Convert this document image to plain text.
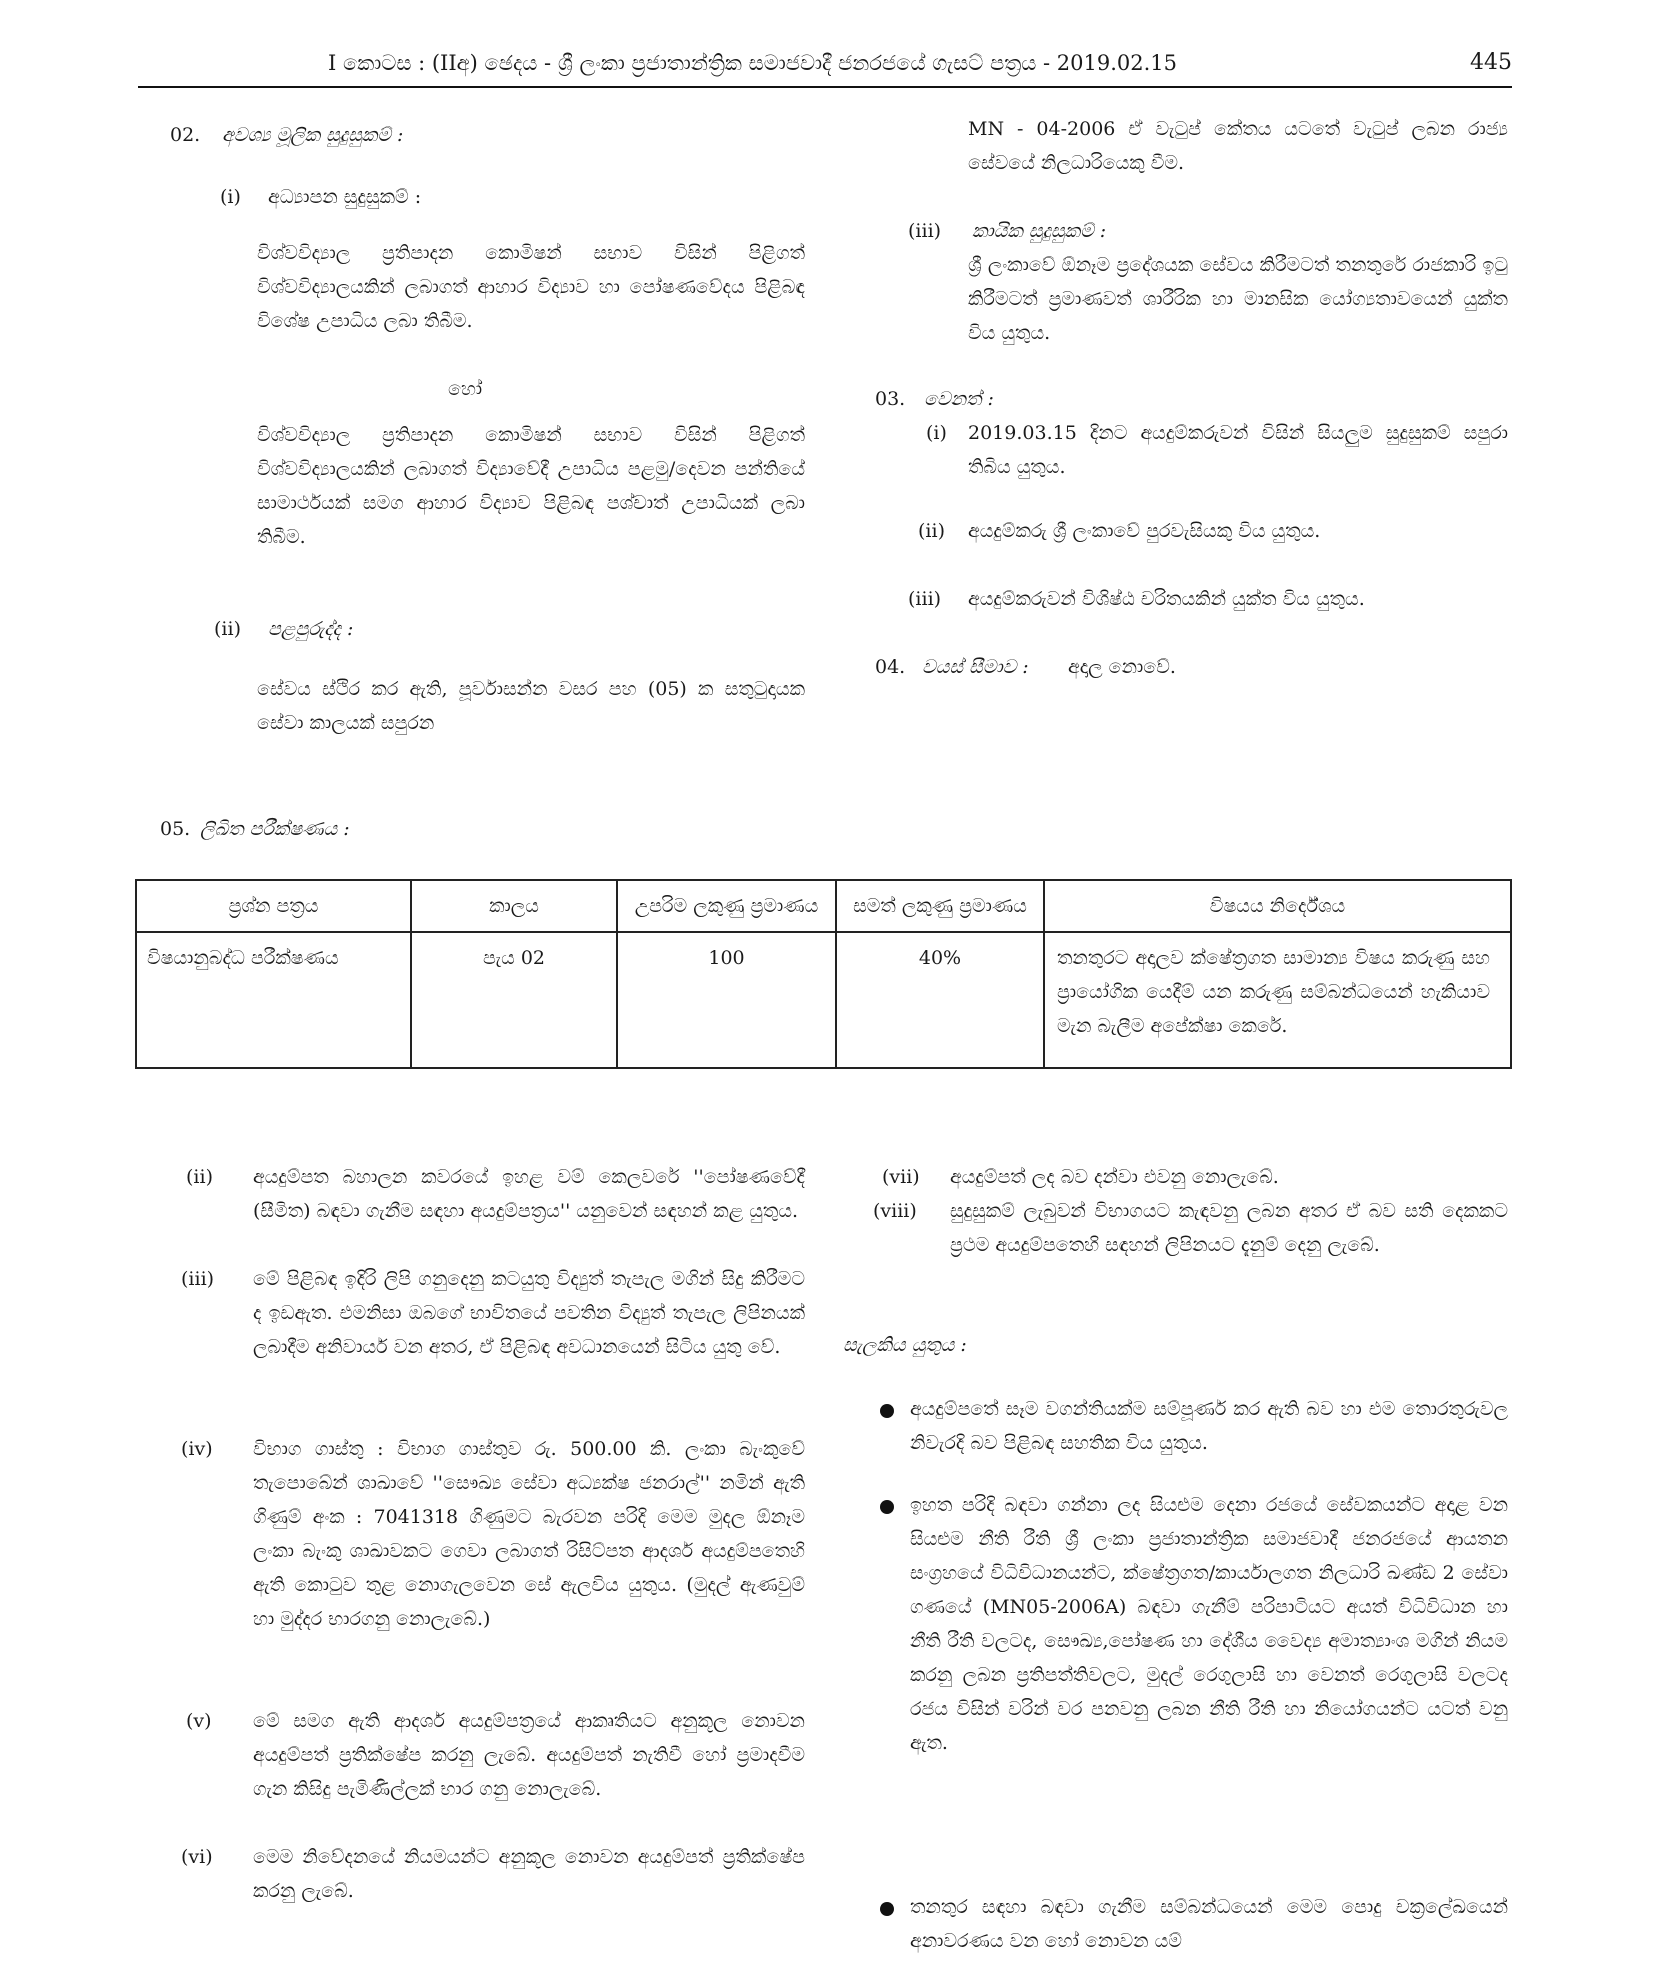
I කොටස : (IIඅ) ඡෙදය - ශ්‍රී ලංකා ප්‍රජාතාන්ත්‍රික සමාජවාදී ජනරජයේ ගැසට් පත්‍රය - 2019.02.15	445
02. අවශ්‍ය මූලික සුදුසුකම් :
(i) අධ්‍යාපන සුදුසුකම් :
විශ්වවිද්‍යාල ප්‍රතිපාදන කොමිෂන් සභාව විසින් පිළිගත් විශ්වවිද්‍යාලයකින් ලබාගත් ආහාර විද්‍යාව හා පෝෂණවේදය පිළිබඳ විශේෂ උපාධිය ලබා තිබීම.
හෝ
විශ්වවිද්‍යාල ප්‍රතිපාදන කොමිෂන් සභාව විසින් පිළිගත් විශ්වවිද්‍යාලයකින් ලබාගත් විද්‍යාවේදී උපාධිය පළමු/දෙවන පන්තියේ සාමාර්ථයක් සමග ආහාර විද්‍යාව පිළිබඳ පශ්චාත් උපාධියක් ලබා තිබීම.
(ii) පළපුරුද්ද :
සේවය ස්ථිර කර ඇති, පූර්වාසන්න වසර පහ (05) ක සතුටුදායක සේවා කාලයක් සපුරන
MN - 04-2006 ඒ වැටුප් කේතය යටතේ වැටුප් ලබන රාජ්‍ය සේවයේ නිලධාරියෙකු වීම.
(iii) කායික සුදුසුකම් :
ශ්‍රී ලංකාවේ ඕනෑම ප්‍රදේශයක සේවය කිරීමටත් තනතුරේ රාජකාරි ඉටු කිරීමටත් ප්‍රමාණවත් ශාරීරික හා මානසික යෝග්‍යතාවයෙන් යුක්ත විය යුතුය.
03. වෙනත් :
(i) 2019.03.15 දිනට අයදුම්කරුවන් විසින් සියලුම සුදුසුකම් සපුරා තිබිය යුතුය.
(ii) අයදුම්කරු ශ්‍රී ලංකාවේ පුරවැසියකු විය යුතුය.
(iii) අයදුම්කරුවන් විශිෂ්ඨ චරිතයකින් යුක්ත විය යුතුය.
04. වයස් සීමාව : අදාල නොවේ.
05. ලිඛිත පරීක්ෂණය :
ප්‍රශ්න පත්‍රය	කාලය	උපරිම ලකුණු ප්‍රමාණය	සමත් ලකුණු ප්‍රමාණය	විෂයය නිර්දේශය
විෂයානුබද්ධ පරීක්ෂණය	පැය 02	100	40%	තනතුරට අදාලව ක්ෂේත්‍රගත සාමාන්‍ය විෂය කරුණු සහ ප්‍රායෝගික යෙදීම් යන කරුණු සම්බන්ධයෙන් හැකියාව මැන බැලීම අපේක්ෂා කෙරේ.
(ii) අයදුම්පත බහාලන කවරයේ ඉහළ වම් කෙලවරේ ''පෝෂණවේදී (සීමිත) බඳවා ගැනීම සඳහා අයදුම්පත්‍රය'' යනුවෙන් සඳහන් කළ යුතුය.
(iii) මේ පිළිබඳ ඉදිරි ලිපි ගනුදෙනු කටයුතු විද්‍යුත් තැපැල මගින් සිදු කිරීමට ද ඉඩඇත. එමනිසා ඔබගේ භාවිතයේ පවතින විද්‍යුත් තැපැල ලිපිනයක් ලබාදීම අනිවාර්ය වන අතර, ඒ පිළිබඳ අවධානයෙන් සිටිය යුතු වේ.
(iv) විභාග ගාස්තු : විභාග ගාස්තුව රු. 500.00 කි. ලංකා බැංකුවේ තැපොබේන් ශාඛාවේ ''සෞඛ්‍ය සේවා අධ්‍යක්ෂ ජනරාල්'' නමින් ඇති ගිණුම් අංක : 7041318 ගිණුමට බැරවන පරිදි මෙම මුදල ඕනෑම ලංකා බැංකු ශාඛාවකට ගෙවා ලබාගත් රිසිට්පත ආදර්ශ අයදුම්පතෙහි ඇති කොටුව තුළ නොගැලවෙන සේ ඇලවිය යුතුය. (මුදල් ඇණවුම් හා මුද්දර භාරගනු නොලැබේ.)
(v) මේ සමග ඇති ආදර්ශ අයදුම්පත්‍රයේ ආකෘතියට අනුකූල නොවන අයදුම්පත් ප්‍රතික්ෂේප කරනු ලැබේ. අයදුම්පත් නැතිවී හෝ ප්‍රමාදවීම ගැන කිසිදු පැමිණිල්ලක් භාර ගනු නොලැබේ.
(vi) මෙම නිවේදනයේ නියමයන්ට අනුකූල නොවන අයදුම්පත් ප්‍රතික්ෂේප කරනු ලැබේ.
(vii) අයදුම්පත් ලද බව දන්වා එවනු නොලැබේ.
(viii) සුදුසුකම් ලැබුවන් විභාගයට කැඳවනු ලබන අතර ඒ බව සති දෙකකට ප්‍රථම අයදුම්පතෙහි සඳහන් ලිපිනයට දැනුම් දෙනු ලැබේ.
සැලකිය යුතුය :
අයදුම්පතේ සෑම වගන්තියක්ම සම්පූර්ණ කර ඇති බව හා එම තොරතුරුවල නිවැරදි බව පිළිබඳ සහතික විය යුතුය.
ඉහත පරිදි බඳවා ගන්නා ලද සියළුම දෙනා රජයේ සේවකයන්ට අදාළ වන සියළුම නීති රීති ශ්‍රී ලංකා ප්‍රජාතාන්ත්‍රික සමාජවාදී ජනරජයේ ආයතන සංග්‍රහයේ විධිවිධානයන්ට, ක්ෂේත්‍රගත/කාර්යාලගත නිලධාරි ඛණ්ඩ 2 සේවා ගණයේ (MN05-2006A) බඳවා ගැනීම් පරිපාටියට අයත් විධිවිධාන හා නීති රීති වලටද, සෞඛ්‍ය,පෝෂණ හා දේශීය වෛද්‍ය අමාත්‍යාංශ මගින් නියම කරනු ලබන ප්‍රතිපත්තිවලට, මුදල් රෙගුලාසි හා වෙනත් රෙගුලාසි වලටද රජය විසින් වරින් වර පනවනු ලබන නීති රීති හා නියෝගයන්ට යටත් වනු ඇත.
තනතුර සඳහා බඳවා ගැනීම සම්බන්ධයෙන් මෙම පොදු චක්‍රලේඛයෙන් අනාවරණය වන හෝ නොවන යම්
